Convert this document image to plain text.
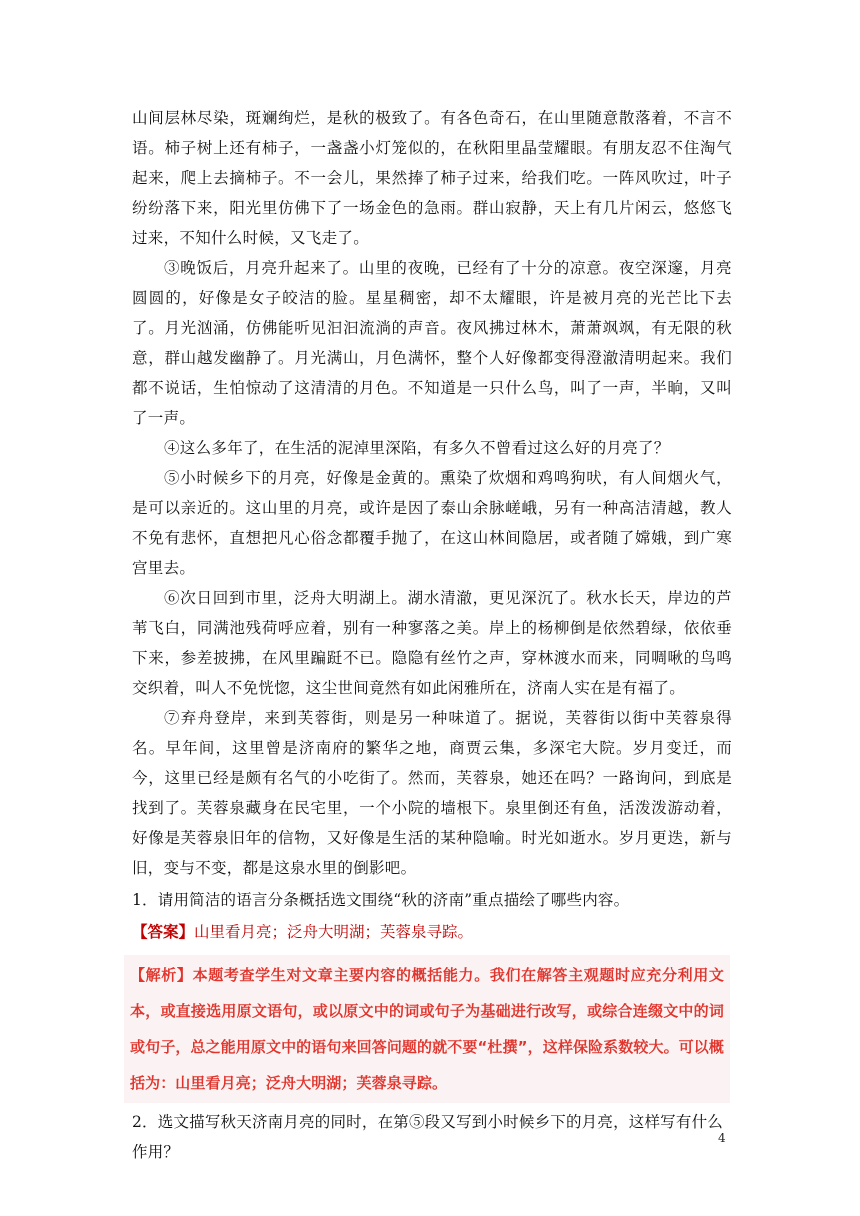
山间层林尽染，斑斓绚烂，是秋的极致了。有各色奇石，在山里随意散落着，不言不语。柿子树上还有柿子，一盏盏小灯笼似的，在秋阳里晶莹耀眼。有朋友忍不住淘气起来，爬上去摘柿子。不一会儿，果然捧了柿子过来，给我们吃。一阵风吹过，叶子纷纷落下来，阳光里仿佛下了一场金色的急雨。群山寂静，天上有几片闲云，悠悠飞过来，不知什么时候，又飞走了。

③晚饭后，月亮升起来了。山里的夜晚，已经有了十分的凉意。夜空深邃，月亮圆圆的，好像是女子皎洁的脸。星星稠密，却不太耀眼，许是被月亮的光芒比下去了。月光汹涌，仿佛能听见汩汩流淌的声音。夜风拂过林木，萧萧飒飒，有无限的秋意，群山越发幽静了。月光满山，月色满怀，整个人好像都变得澄澈清明起来。我们都不说话，生怕惊动了这清清的月色。不知道是一只什么鸟，叫了一声，半晌，又叫了一声。

④这么多年了，在生活的泥淖里深陷，有多久不曾看过这么好的月亮了？

⑤小时候乡下的月亮，好像是金黄的。熏染了炊烟和鸡鸣狗吠，有人间烟火气，是可以亲近的。这山里的月亮，或许是因了泰山余脉嵯峨，另有一种高洁清越，教人不免有悲怀，直想把凡心俗念都覆手抛了，在这山林间隐居，或者随了嫦娥，到广寒宫里去。

⑥次日回到市里，泛舟大明湖上。湖水清澈，更见深沉了。秋水长天，岸边的芦苇飞白，同满池残荷呼应着，别有一种寥落之美。岸上的杨柳倒是依然碧绿，依依垂下来，参差披拂，在风里蹁跹不已。隐隐有丝竹之声，穿林渡水而来，同啁啾的鸟鸣交织着，叫人不免恍惚，这尘世间竟然有如此闲雅所在，济南人实在是有福了。

⑦弃舟登岸，来到芙蓉街，则是另一种味道了。据说，芙蓉街以街中芙蓉泉得名。早年间，这里曾是济南府的繁华之地，商贾云集，多深宅大院。岁月变迁，而今，这里已经是颇有名气的小吃街了。然而，芙蓉泉，她还在吗？一路询问，到底是找到了。芙蓉泉藏身在民宅里，一个小院的墙根下。泉里倒还有鱼，活泼泼游动着，好像是芙蓉泉旧年的信物，又好像是生活的某种隐喻。时光如逝水。岁月更迭，新与旧，变与不变，都是这泉水里的倒影吧。

1．请用简洁的语言分条概括选文围绕“秋的济南”重点描绘了哪些内容。

【答案】山里看月亮；泛舟大明湖；芙蓉泉寻踪。

【解析】本题考查学生对文章主要内容的概括能力。我们在解答主观题时应充分利用文本，或直接选用原文语句，或以原文中的词或句子为基础进行改写，或综合连缀文中的词或句子，总之能用原文中的语句来回答问题的就不要“杜撰”，这样保险系数较大。可以概括为：山里看月亮；泛舟大明湖；芙蓉泉寻踪。

2．选文描写秋天济南月亮的同时，在第⑤段又写到小时候乡下的月亮，这样写有什么作用？

4
